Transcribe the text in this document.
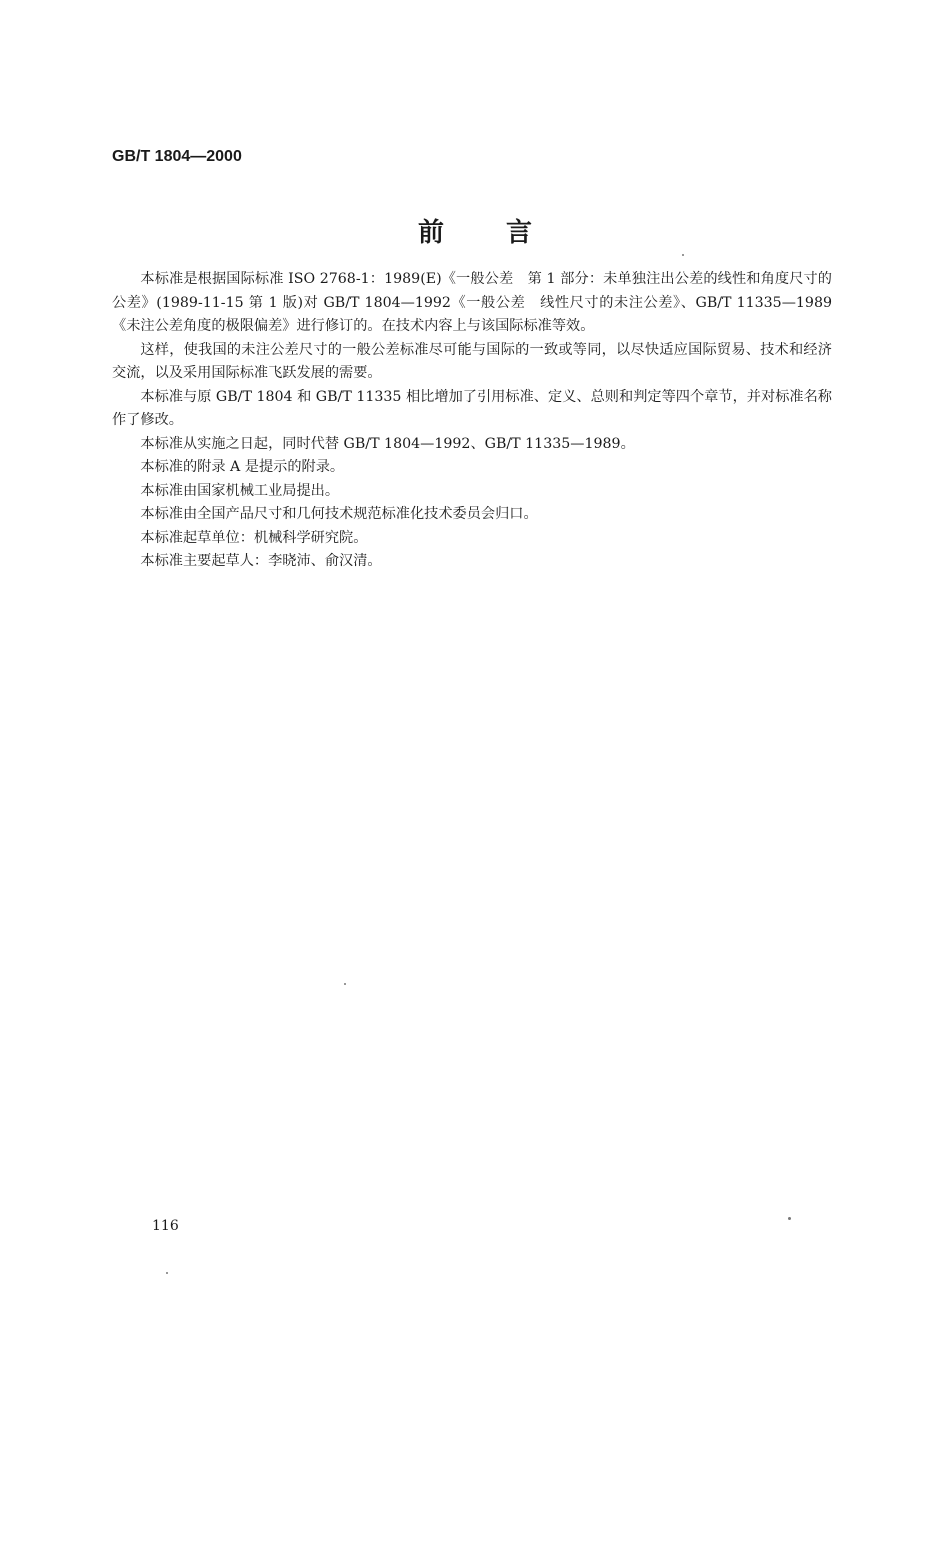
GB/T 1804—2000
前言

本标准是根据国际标准 ISO 2768-1：1989(E)《一般公差　第 1 部分：未单独注出公差的线性和角度尺寸的公差》(1989-11-15 第 1 版)对 GB/T 1804—1992《一般公差　线性尺寸的未注公差》、GB/T 11335—1989《未注公差角度的极限偏差》进行修订的。在技术内容上与该国际标准等效。

这样，使我国的未注公差尺寸的一般公差标准尽可能与国际的一致或等同，以尽快适应国际贸易、技术和经济交流，以及采用国际标准飞跃发展的需要。

本标准与原 GB/T 1804 和 GB/T 11335 相比增加了引用标准、定义、总则和判定等四个章节，并对标准名称作了修改。

本标准从实施之日起，同时代替 GB/T 1804—1992、GB/T 11335—1989。

本标准的附录 A 是提示的附录。

本标准由国家机械工业局提出。

本标准由全国产品尺寸和几何技术规范标准化技术委员会归口。

本标准起草单位：机械科学研究院。

本标准主要起草人：李晓沛、俞汉清。

116
